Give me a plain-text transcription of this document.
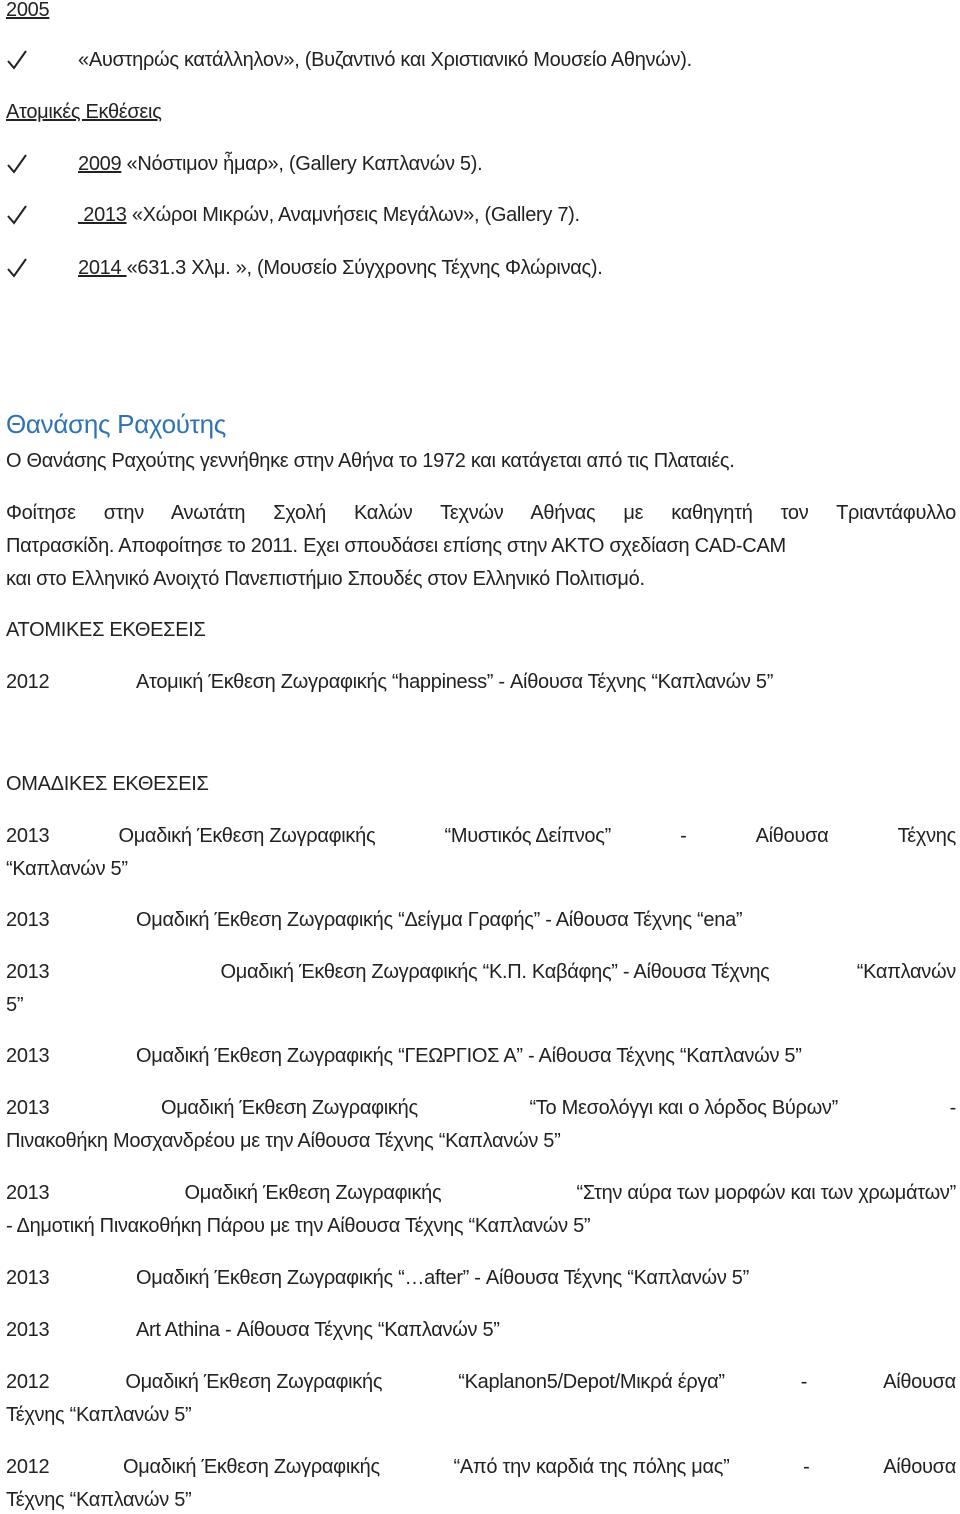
2005
«Αυστηρώς κατάλληλον», (Βυζαντινό και Χριστιανικό Μουσείο Αθηνών).
Ατομικές Εκθέσεις
2009 «Νόστιμον ἦμαρ», (Gallery Καπλανών 5).
2013 «Χώροι Μικρών, Αναμνήσεις Μεγάλων», (Gallery 7).
2014 «631.3 Χλμ. », (Μουσείο Σύγχρονης Τέχνης Φλώρινας).
Θανάσης Ραχούτης
Ο Θανάσης Ραχούτης γεννήθηκε στην Αθήνα το 1972 και κατάγεται από τις Πλαταιές.
Φοίτησε στην Ανωτάτη Σχολή Καλών Τεχνών Αθήνας με καθηγητή τον Τριαντάφυλλο
Πατρασκίδη. Αποφοίτησε το 2011. Εχει σπουδάσει επίσης στην ΑΚΤΟ σχεδίαση CAD-CAM
και στο Ελληνικό Ανοιχτό Πανεπιστήμιο Σπουδές στον Ελληνικό Πολιτισμό.
ΑΤΟΜΙΚΕΣ ΕΚΘΕΣΕΙΣ
2012	Ατομική Έκθεση Ζωγραφικής “happiness” - Αίθουσα Τέχνης “Καπλανών 5”
ΟΜΑΔΙΚΕΣ ΕΚΘΕΣΕΙΣ
2013	Ομαδική Έκθεση Ζωγραφικής	“Μυστικός Δείπνος”	-	Αίθουσα	Τέχνης
“Καπλανών 5”
2013	Ομαδική Έκθεση Ζωγραφικής “Δείγμα Γραφής” - Αίθουσα Τέχνης “ena”
2013	Ομαδική Έκθεση Ζωγραφικής “Κ.Π. Καβάφης” - Αίθουσα Τέχνης	“Καπλανών
5”
2013	Ομαδική Έκθεση Ζωγραφικής “ΓΕΩΡΓΙΟΣ Α” - Αίθουσα Τέχνης “Καπλανών 5”
2013	Ομαδική Έκθεση Ζωγραφικής	“Το Μεσολόγγι και ο λόρδος Βύρων”	-
Πινακοθήκη Μοσχανδρέου με την Αίθουσα Τέχνης “Καπλανών 5”
2013	Ομαδική Έκθεση Ζωγραφικής	“Στην αύρα των μορφών και των χρωμάτων”
- Δημοτική Πινακοθήκη Πάρου με την Αίθουσα Τέχνης “Καπλανών 5”
2013	Ομαδική Έκθεση Ζωγραφικής “…after” - Αίθουσα Τέχνης “Καπλανών 5”
2013	Art Athina - Αίθουσα Τέχνης “Καπλανών 5”
2012	Ομαδική Έκθεση Ζωγραφικής	“Kaplanon5/Depot/Μικρά έργα”	-	Αίθουσα
Τέχνης “Καπλανών 5”
2012	Ομαδική Έκθεση Ζωγραφικής	“Από την καρδιά της πόλης μας”	-	Αίθουσα
Τέχνης “Καπλανών 5”
